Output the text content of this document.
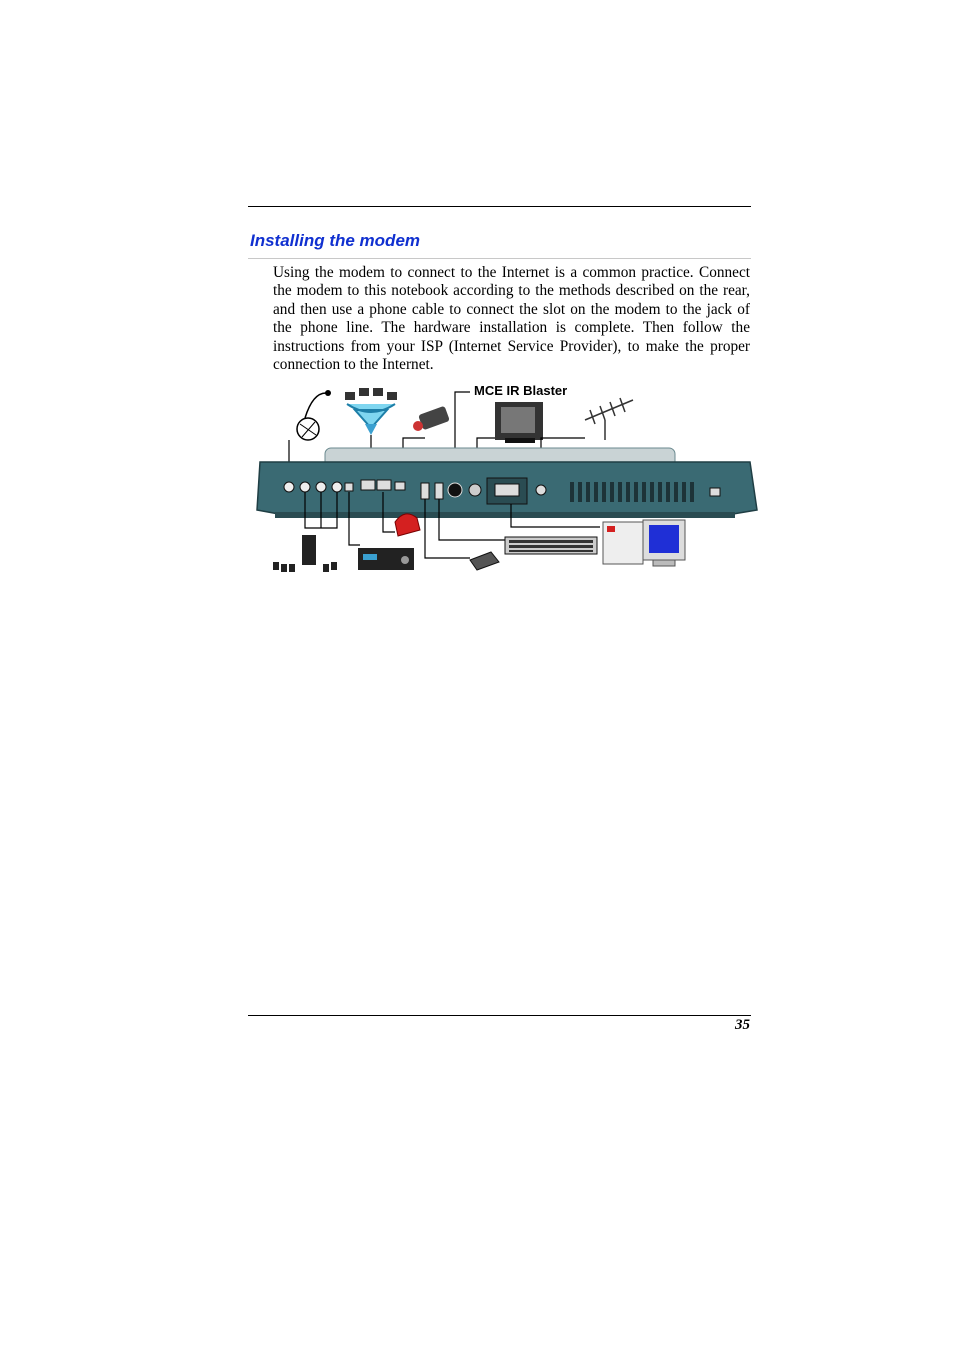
Installing the modem

Using the modem to connect to the Internet is a common practice. Connect the modem to this notebook according to the methods described on the rear, and then use a phone cable to connect the slot on the modem to the jack of the phone line. The hardware installation is complete. Then follow the instructions from your ISP (Internet Service Provider), to make the proper connection to the Internet.

MCE IR Blaster
35
